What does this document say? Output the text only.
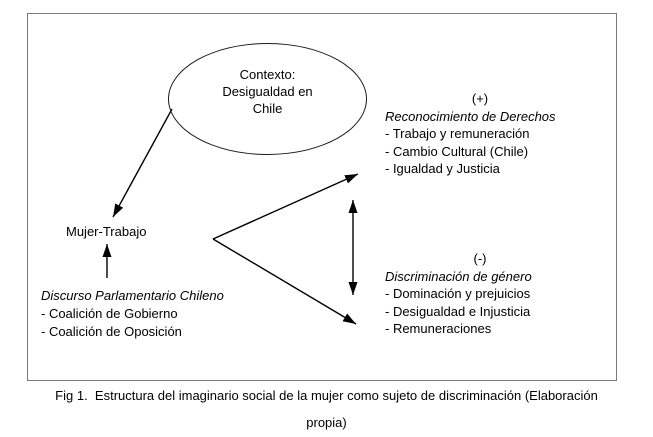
Contexto:
Desigualdad en
Chile
Mujer-Trabajo
(+)
Reconocimiento de Derechos
- Trabajo y remuneración
- Cambio Cultural (Chile)
- Igualdad y Justicia
(-)
Discriminación de género
- Dominación y prejuicios
- Desigualdad e Injusticia
- Remuneraciones
Discurso Parlamentario Chileno
- Coalición de Gobierno
- Coalición de Oposición
Fig 1.  Estructura del imaginario social de la mujer como sujeto de discriminación (Elaboración
propia)
